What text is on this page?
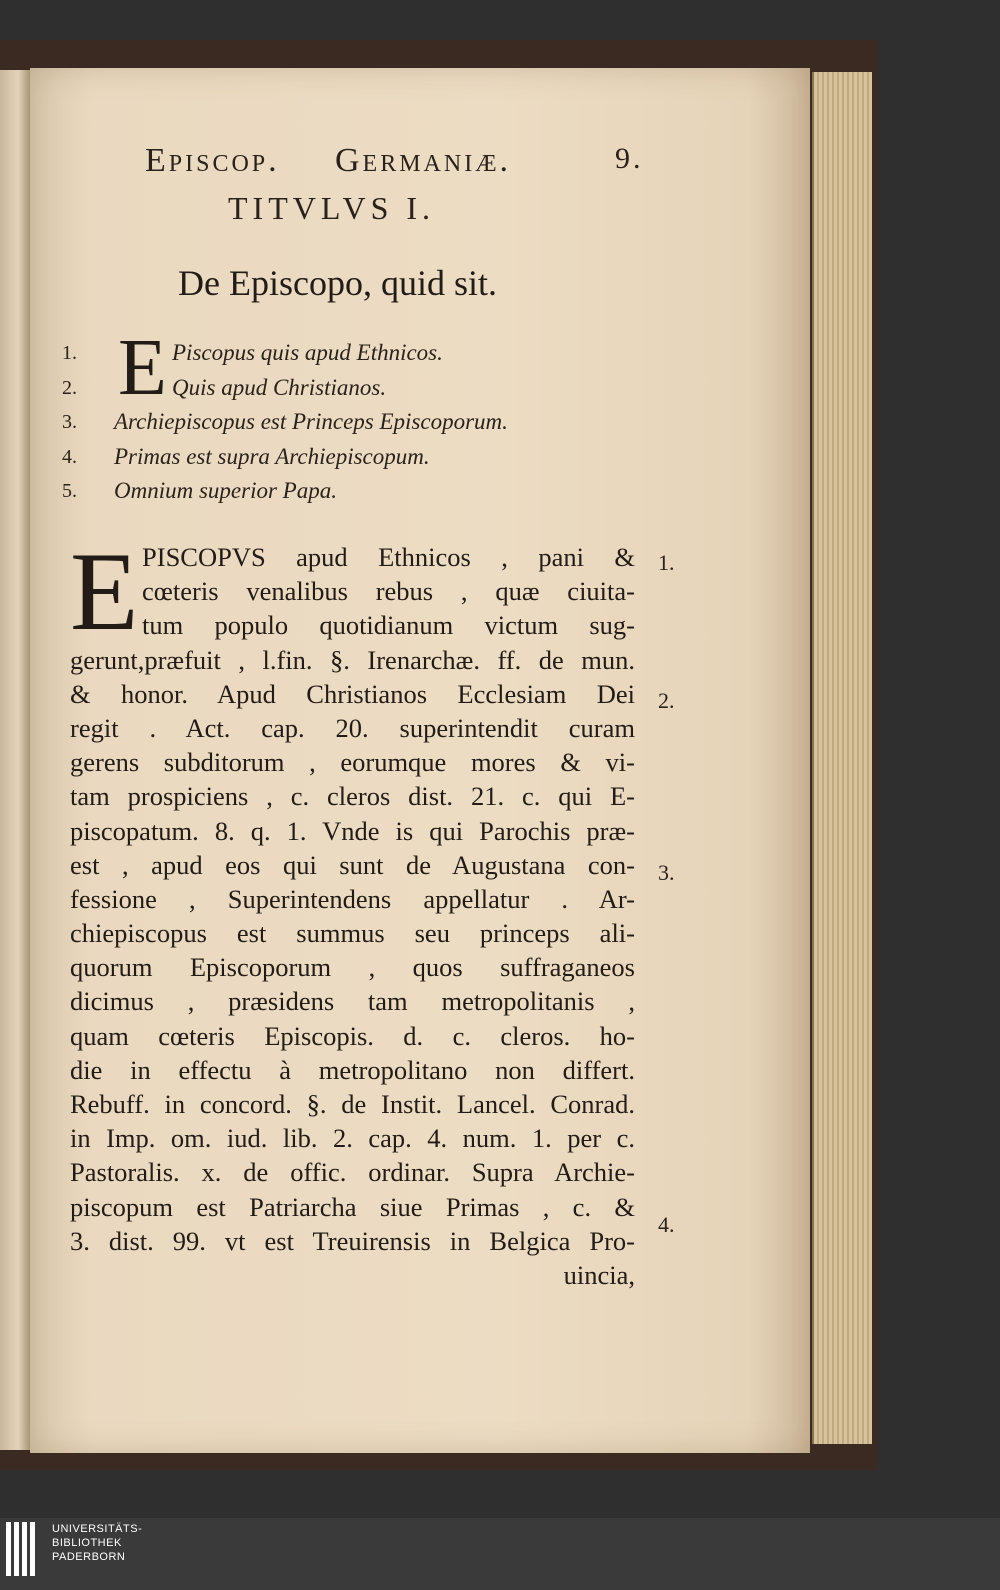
Episcop. Germaniæ.	9.
TITVLVS I.
De Episcopo, quid sit.
E
1.	Piscopus quis apud Ethnicos.
2.	Quis apud Christianos.
3.	Archiepiscopus est Princeps Episcoporum.
4.	Primas est supra Archiepiscopum.
5.	Omnium superior Papa.
E PISCOPVS apud Ethnicos , pani &
cœteris venalibus rebus , quæ ciuita-
tum populo quotidianum victum sug-
gerunt,præfuit , l.fin. §. Irenarchæ. ff. de mun.
& honor. Apud Christianos Ecclesiam Dei
regit . Act. cap. 20. superintendit curam
gerens subditorum , eorumque mores & vi-
tam prospiciens , c. cleros dist. 21. c. qui E-
piscopatum. 8. q. 1. Vnde is qui Parochis præ-
est , apud eos qui sunt de Augustana con-
fessione , Superintendens appellatur . Ar-
chiepiscopus est summus seu princeps ali-
quorum Episcoporum , quos suffraganeos
dicimus , præsidens tam metropolitanis ,
quam cœteris Episcopis. d. c. cleros. ho-
die in effectu à metropolitano non differt.
Rebuff. in concord. §. de Instit. Lancel. Conrad.
in Imp. om. iud. lib. 2. cap. 4. num. 1. per c.
Pastoralis. x. de offic. ordinar. Supra Archie-
piscopum est Patriarcha siue Primas , c. &
3. dist. 99. vt est Treuirensis in Belgica Pro-
uincia,
1.
2.
3.
4.
UNIVERSITÄTS-
BIBLIOTHEK
PADERBORN
